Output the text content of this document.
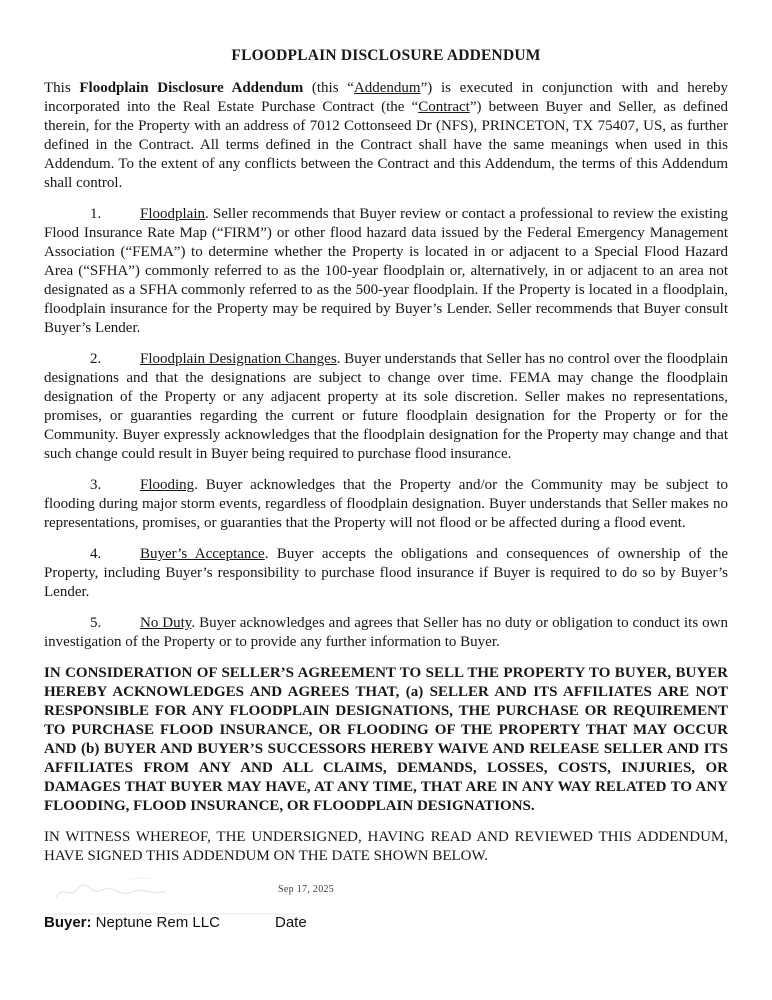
FLOODPLAIN DISCLOSURE ADDENDUM

This Floodplain Disclosure Addendum (this “Addendum”) is executed in conjunction with and hereby incorporated into the Real Estate Purchase Contract (the “Contract”) between Buyer and Seller, as defined therein, for the Property with an address of 7012 Cottonseed Dr (NFS), PRINCETON, TX 75407, US, as further defined in the Contract. All terms defined in the Contract shall have the same meanings when used in this Addendum. To the extent of any conflicts between the Contract and this Addendum, the terms of this Addendum shall control.

1.	Floodplain. Seller recommends that Buyer review or contact a professional to review the existing Flood Insurance Rate Map (“FIRM”) or other flood hazard data issued by the Federal Emergency Management Association (“FEMA”) to determine whether the Property is located in or adjacent to a Special Flood Hazard Area (“SFHA”) commonly referred to as the 100-year floodplain or, alternatively, in or adjacent to an area not designated as a SFHA commonly referred to as the 500-year floodplain. If the Property is located in a floodplain, floodplain insurance for the Property may be required by Buyer’s Lender. Seller recommends that Buyer consult Buyer’s Lender.

2.	Floodplain Designation Changes. Buyer understands that Seller has no control over the floodplain designations and that the designations are subject to change over time. FEMA may change the floodplain designation of the Property or any adjacent property at its sole discretion. Seller makes no representations, promises, or guaranties regarding the current or future floodplain designation for the Property or for the Community. Buyer expressly acknowledges that the floodplain designation for the Property may change and that such change could result in Buyer being required to purchase flood insurance.

3.	Flooding. Buyer acknowledges that the Property and/or the Community may be subject to flooding during major storm events, regardless of floodplain designation. Buyer understands that Seller makes no representations, promises, or guaranties that the Property will not flood or be affected during a flood event.

4.	Buyer’s Acceptance. Buyer accepts the obligations and consequences of ownership of the Property, including Buyer’s responsibility to purchase flood insurance if Buyer is required to do so by Buyer’s Lender.

5.	No Duty. Buyer acknowledges and agrees that Seller has no duty or obligation to conduct its own investigation of the Property or to provide any further information to Buyer.

IN CONSIDERATION OF SELLER’S AGREEMENT TO SELL THE PROPERTY TO BUYER, BUYER HEREBY ACKNOWLEDGES AND AGREES THAT, (a) SELLER AND ITS AFFILIATES ARE NOT RESPONSIBLE FOR ANY FLOODPLAIN DESIGNATIONS, THE PURCHASE OR REQUIREMENT TO PURCHASE FLOOD INSURANCE, OR FLOODING OF THE PROPERTY THAT MAY OCCUR AND (b) BUYER AND BUYER’S SUCCESSORS HEREBY WAIVE AND RELEASE SELLER AND ITS AFFILIATES FROM ANY AND ALL CLAIMS, DEMANDS, LOSSES, COSTS, INJURIES, OR DAMAGES THAT BUYER MAY HAVE, AT ANY TIME, THAT ARE IN ANY WAY RELATED TO ANY FLOODING, FLOOD INSURANCE, OR FLOODPLAIN DESIGNATIONS.

IN WITNESS WHEREOF, THE UNDERSIGNED, HAVING READ AND REVIEWED THIS ADDENDUM, HAVE SIGNED THIS ADDENDUM ON THE DATE SHOWN BELOW.

Sep 17, 2025
Buyer: Neptune Rem LLC	Date
